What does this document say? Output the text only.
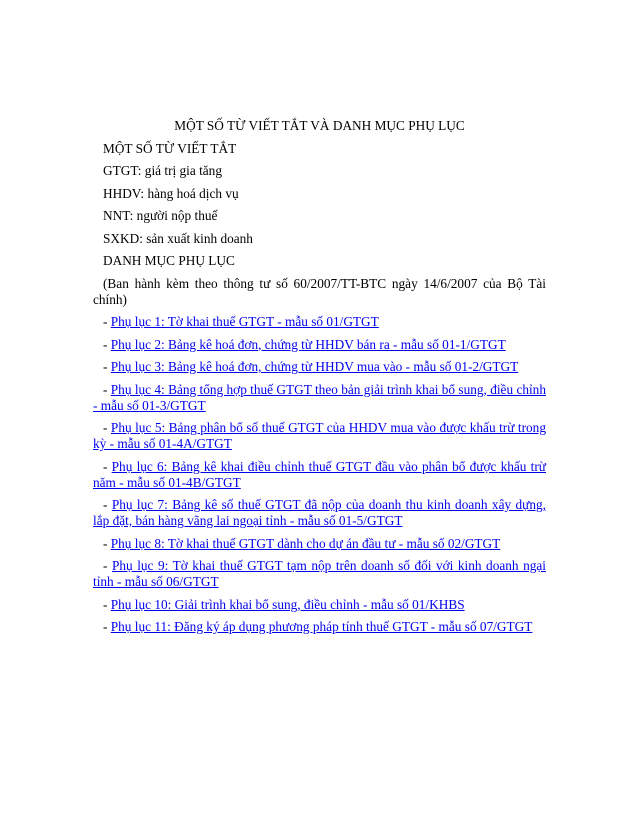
MỘT SỐ TỪ VIẾT TẮT VÀ DANH MỤC PHỤ LỤC

MỘT SỐ TỪ VIẾT TẮT

GTGT: giá trị gia tăng

HHDV: hàng hoá dịch vụ

NNT: người nộp thuế

SXKD: sản xuất kinh doanh

DANH MỤC PHỤ LỤC

(Ban hành kèm theo thông tư số 60/2007/TT-BTC ngày 14/6/2007 của Bộ Tài chính)

- Phụ lục 1: Tờ khai thuế GTGT - mẫu số 01/GTGT

- Phụ lục 2: Bảng kê hoá đơn, chứng từ HHDV bán ra - mẫu số 01-1/GTGT

- Phụ lục 3: Bảng kê hoá đơn, chứng từ HHDV mua vào - mẫu số 01-2/GTGT

- Phụ lục 4: Bảng tổng hợp thuế GTGT theo bản giải trình khai bổ sung, điều chỉnh - mẫu số 01-3/GTGT

- Phụ lục 5: Bảng phân bổ số thuế GTGT của HHDV mua vào được khấu trừ trong kỳ - mẫu số 01-4A/GTGT

- Phụ lục 6: Bảng kê khai điều chỉnh thuế GTGT đầu vào phân bổ được khấu trừ năm - mẫu số 01-4B/GTGT

- Phụ lục 7: Bảng kê số thuế GTGT đã nộp của doanh thu kinh doanh xây dựng, lắp đặt, bán hàng vãng lai ngoại tỉnh - mẫu số 01-5/GTGT

- Phụ lục 8: Tờ khai thuế GTGT dành cho dự án đầu tư - mẫu số 02/GTGT

- Phụ lục 9: Tờ khai thuế GTGT tạm nộp trên doanh số đối với kinh doanh ngại tỉnh - mẫu số 06/GTGT

- Phụ lục 10: Giải trình khai bổ sung, điều chỉnh - mẫu số 01/KHBS

- Phụ lục 11: Đăng ký áp dụng phương pháp tính thuế GTGT - mẫu số 07/GTGT
